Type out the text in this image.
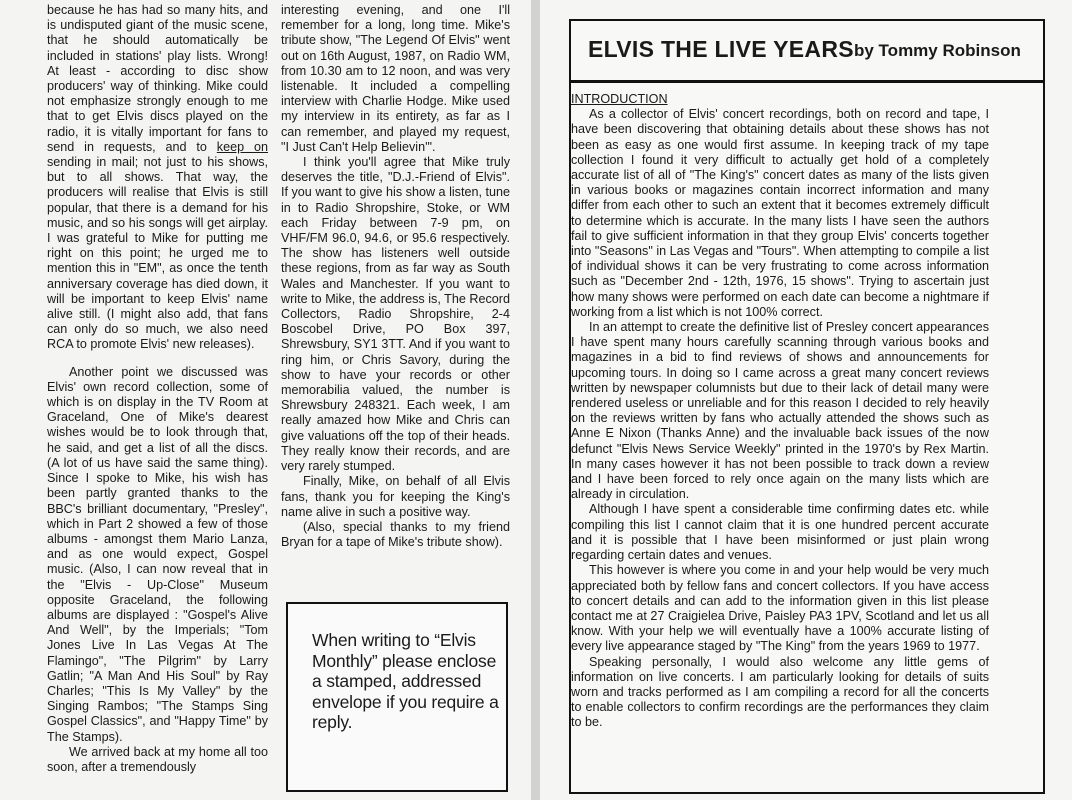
because he has had so many hits, and is undisputed giant of the music scene, that he should automatically be included in stations' play lists. Wrong! At least - according to disc show producers' way of thinking. Mike could not emphasize strongly enough to me that to get Elvis discs played on the radio, it is vitally important for fans to send in requests, and to keep on sending in mail; not just to his shows, but to all shows. That way, the producers will realise that Elvis is still popular, that there is a demand for his music, and so his songs will get airplay. I was grateful to Mike for putting me right on this point; he urged me to mention this in "EM", as once the tenth anniversary coverage has died down, it will be important to keep Elvis' name alive still. (I might also add, that fans can only do so much, we also need RCA to promote Elvis' new releases).

Another point we discussed was Elvis' own record collection, some of which is on display in the TV Room at Graceland, One of Mike's dearest wishes would be to look through that, he said, and get a list of all the discs. (A lot of us have said the same thing). Since I spoke to Mike, his wish has been partly granted thanks to the BBC's brilliant documentary, "Presley", which in Part 2 showed a few of those albums - amongst them Mario Lanza, and as one would expect, Gospel music. (Also, I can now reveal that in the "Elvis - Up-Close" Museum opposite Graceland, the following albums are displayed : "Gospel's Alive And Well", by the Imperials; "Tom Jones Live In Las Vegas At The Flamingo", "The Pilgrim" by Larry Gatlin; "A Man And His Soul" by Ray Charles; "This Is My Valley" by the Singing Rambos; "The Stamps Sing Gospel Classics", and "Happy Time" by The Stamps).

We arrived back at my home all too soon, after a tremendously

interesting evening, and one I'll remember for a long, long time. Mike's tribute show, "The Legend Of Elvis" went out on 16th August, 1987, on Radio WM, from 10.30 am to 12 noon, and was very listenable. It included a compelling interview with Charlie Hodge. Mike used my interview in its entirety, as far as I can remember, and played my request, "I Just Can't Help Believin'".

I think you'll agree that Mike truly deserves the title, "D.J.-Friend of Elvis". If you want to give his show a listen, tune in to Radio Shropshire, Stoke, or WM each Friday between 7-9 pm, on VHF/FM 96.0, 94.6, or 95.6 respectively. The show has listeners well outside these regions, from as far way as South Wales and Manchester. If you want to write to Mike, the address is, The Record Collectors, Radio Shropshire, 2-4 Boscobel Drive, PO Box 397, Shrewsbury, SY1 3TT. And if you want to ring him, or Chris Savory, during the show to have your records or other memorabilia valued, the number is Shrewsbury 248321. Each week, I am really amazed how Mike and Chris can give valuations off the top of their heads. They really know their records, and are very rarely stumped.

Finally, Mike, on behalf of all Elvis fans, thank you for keeping the King's name alive in such a positive way.

(Also, special thanks to my friend Bryan for a tape of Mike's tribute show).

When writing to “Elvis Monthly” please enclose a stamped, addressed envelope if you require a reply.

ELVIS THE LIVE YEARS by Tommy Robinson
INTRODUCTION

As a collector of Elvis' concert recordings, both on record and tape, I have been discovering that obtaining details about these shows has not been as easy as one would first assume. In keeping track of my tape collection I found it very difficult to actually get hold of a completely accurate list of all of "The King's" concert dates as many of the lists given in various books or magazines contain incorrect information and many differ from each other to such an extent that it becomes extremely difficult to determine which is accurate. In the many lists I have seen the authors fail to give sufficient information in that they group Elvis' concerts together into "Seasons" in Las Vegas and "Tours". When attempting to compile a list of individual shows it can be very frustrating to come across information such as "December 2nd - 12th, 1976, 15 shows". Trying to ascertain just how many shows were performed on each date can become a nightmare if working from a list which is not 100% correct.

In an attempt to create the definitive list of Presley concert appearances I have spent many hours carefully scanning through various books and magazines in a bid to find reviews of shows and announcements for upcoming tours. In doing so I came across a great many concert reviews written by newspaper columnists but due to their lack of detail many were rendered useless or unreliable and for this reason I decided to rely heavily on the reviews written by fans who actually attended the shows such as Anne E Nixon (Thanks Anne) and the invaluable back issues of the now defunct "Elvis News Service Weekly" printed in the 1970's by Rex Martin. In many cases however it has not been possible to track down a review and I have been forced to rely once again on the many lists which are already in circulation.

Although I have spent a considerable time confirming dates etc. while compiling this list I cannot claim that it is one hundred percent accurate and it is possible that I have been misinformed or just plain wrong regarding certain dates and venues.

This however is where you come in and your help would be very much appreciated both by fellow fans and concert collectors. If you have access to concert details and can add to the information given in this list please contact me at 27 Craigielea Drive, Paisley PA3 1PV, Scotland and let us all know. With your help we will eventually have a 100% accurate listing of every live appearance staged by "The King" from the years 1969 to 1977.

Speaking personally, I would also welcome any little gems of information on live concerts. I am particularly looking for details of suits worn and tracks performed as I am compiling a record for all the concerts to enable collectors to confirm recordings are the performances they claim to be.
